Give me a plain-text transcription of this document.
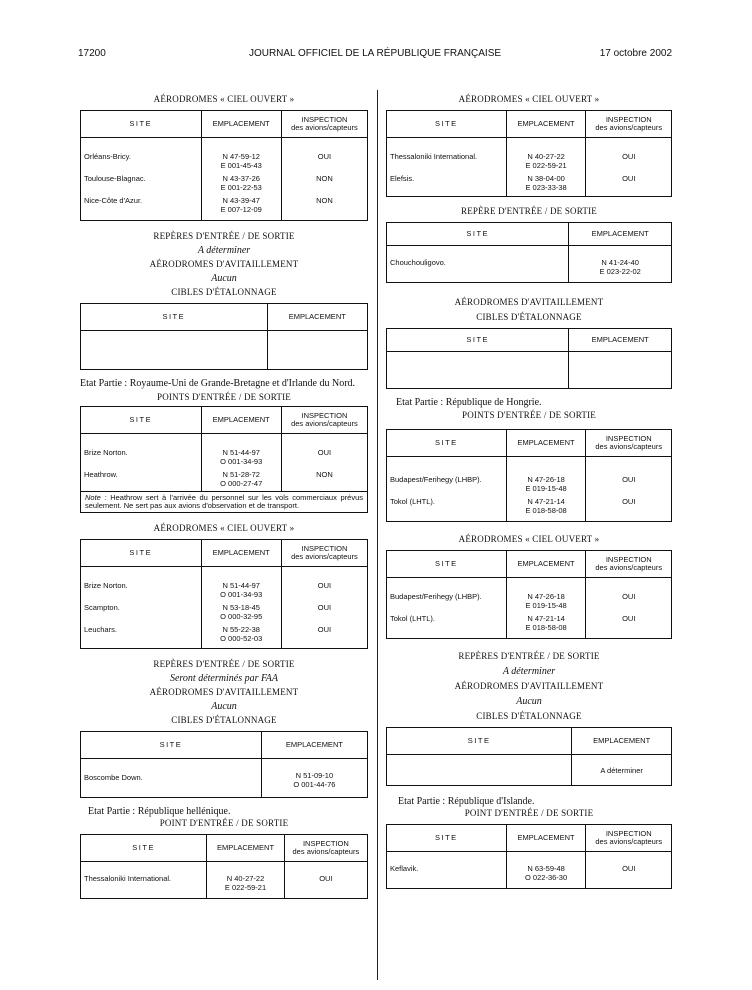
17200	JOURNAL OFFICIEL DE LA RÉPUBLIQUE FRANÇAISE	17 octobre 2002

AÉRODROMES « CIEL OUVERT »

SITE	EMPLACEMENT	INSPECTION
des avions/capteurs

Orléans-Bricy.	N 47-59-12
E 001-45-43	OUI
Toulouse-Blagnac.	N 43-37-26
E 001-22-53	NON
Nice-Côte d'Azur.	N 43-39-47
E 007-12-09	NON

REPÈRES D'ENTRÉE / DE SORTIE

A déterminer

AÉRODROMES D'AVITAILLEMENT

Aucun

CIBLES D'ÉTALONNAGE

SITE	EMPLACEMENT

Etat Partie : Royaume-Uni de Grande-Bretagne et d'Irlande du Nord.

POINTS D'ENTRÉE / DE SORTIE

SITE	EMPLACEMENT	INSPECTION
des avions/capteurs

Brize Norton.	N 51-44-97
O 001-34-93	OUI
Heathrow.	N 51-28-72
O 000-27-47	NON
Note : Heathrow sert à l'arrivée du personnel sur les vols commerciaux prévus seulement. Ne sert pas aux avions d'observation et de transport.		

AÉRODROMES « CIEL OUVERT »

SITE	EMPLACEMENT	INSPECTION
des avions/capteurs

Brize Norton.	N 51-44-97
O 001-34-93	OUI
Scampton.	N 53-18-45
O 000-32-95	OUI
Leuchars.	N 55-22-38
O 000-52-03	OUI

REPÈRES D'ENTRÉE / DE SORTIE

Seront déterminés par FAA

AÉRODROMES D'AVITAILLEMENT

Aucun

CIBLES D'ÉTALONNAGE

SITE	EMPLACEMENT

Boscombe Down.	N 51-09-10
O 001-44-76

Etat Partie : République hellénique.

POINT D'ENTRÉE / DE SORTIE

SITE	EMPLACEMENT	INSPECTION
des avions/capteurs

Thessaloniki International.	N 40-27-22
E 022-59-21	OUI

AÉRODROMES « CIEL OUVERT »

SITE	EMPLACEMENT	INSPECTION
des avions/capteurs

Thessaloniki International.	N 40-27-22
E 022-59-21	OUI
Elefsis.	N 38-04-00
E 023-33-38	OUI

REPÈRE D'ENTRÉE / DE SORTIE

SITE	EMPLACEMENT

Chouchouligovo.	N 41-24-40
E 023-22-02

AÉRODROMES D'AVITAILLEMENT

CIBLES D'ÉTALONNAGE

SITE	EMPLACEMENT

Etat Partie : République de Hongrie.

POINTS D'ENTRÉE / DE SORTIE

SITE	EMPLACEMENT	INSPECTION
des avions/capteurs

Budapest/Ferihegy (LHBP).	N 47-26-18
E 019-15-48	OUI
Tokol (LHTL).	N 47-21-14
E 018-58-08	OUI

AÉRODROMES « CIEL OUVERT »

SITE	EMPLACEMENT	INSPECTION
des avions/capteurs

Budapest/Ferihegy (LHBP).	N 47-26-18
E 019-15-48	OUI
Tokol (LHTL).	N 47-21-14
E 018-58-08	OUI

REPÈRES D'ENTRÉE / DE SORTIE

A déterminer

AÉRODROMES D'AVITAILLEMENT

Aucun

CIBLES D'ÉTALONNAGE

SITE	EMPLACEMENT
	A déterminer

Etat Partie : République d'Islande.

POINT D'ENTRÉE / DE SORTIE

SITE	EMPLACEMENT	INSPECTION
des avions/capteurs

Keflavik.	N 63-59-48
O 022-36-30	OUI
